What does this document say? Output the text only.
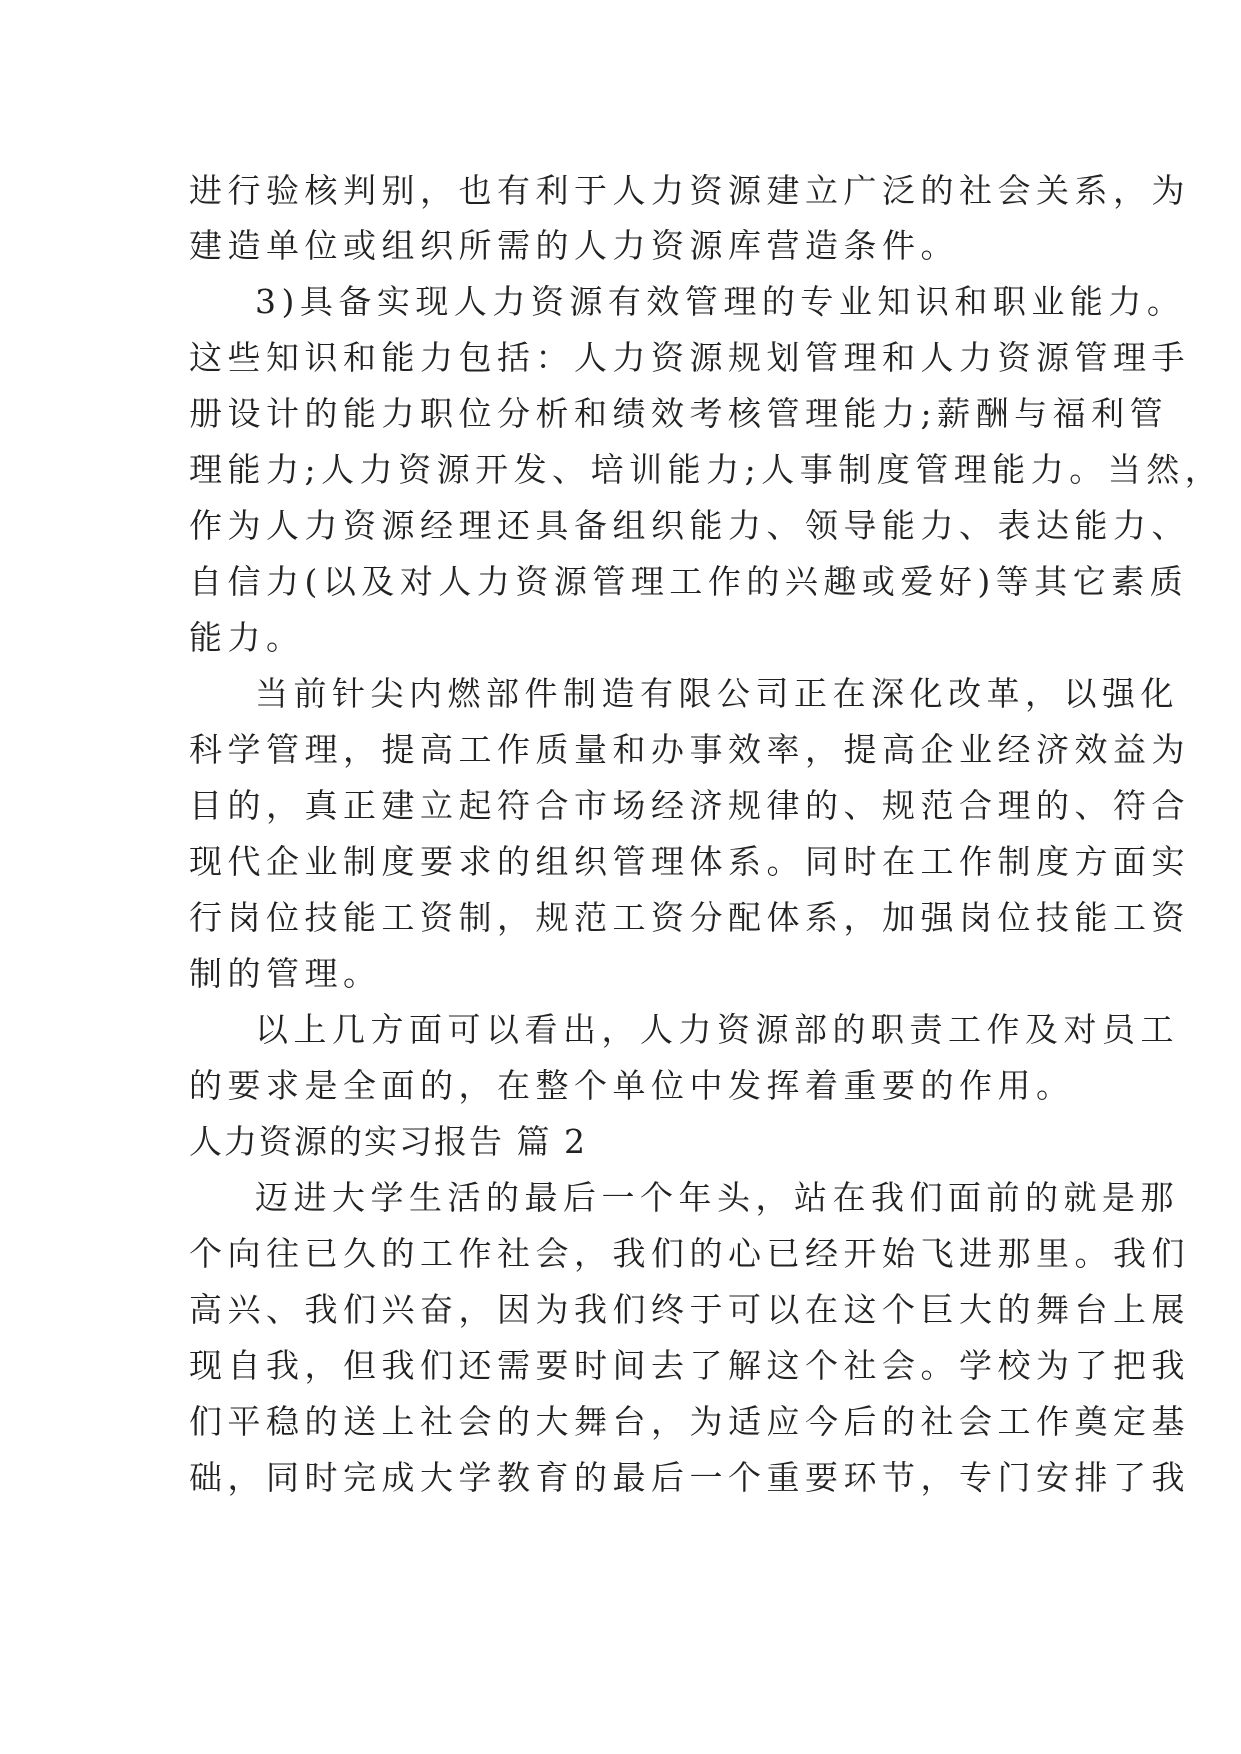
进行验核判别，也有利于人力资源建立广泛的社会关系，为
建造单位或组织所需的人力资源库营造条件。
3)具备实现人力资源有效管理的专业知识和职业能力。
这些知识和能力包括：人力资源规划管理和人力资源管理手
册设计的能力职位分析和绩效考核管理能力;薪酬与福利管
理能力;人力资源开发、培训能力;人事制度管理能力。当然，
作为人力资源经理还具备组织能力、领导能力、表达能力、
自信力(以及对人力资源管理工作的兴趣或爱好)等其它素质
能力。
当前针尖内燃部件制造有限公司正在深化改革，以强化
科学管理，提高工作质量和办事效率，提高企业经济效益为
目的，真正建立起符合市场经济规律的、规范合理的、符合
现代企业制度要求的组织管理体系。同时在工作制度方面实
行岗位技能工资制，规范工资分配体系，加强岗位技能工资
制的管理。
以上几方面可以看出，人力资源部的职责工作及对员工
的要求是全面的，在整个单位中发挥着重要的作用。
人力资源的实习报告 篇 2
迈进大学生活的最后一个年头，站在我们面前的就是那
个向往已久的工作社会，我们的心已经开始飞进那里。我们
高兴、我们兴奋，因为我们终于可以在这个巨大的舞台上展
现自我，但我们还需要时间去了解这个社会。学校为了把我
们平稳的送上社会的大舞台，为适应今后的社会工作奠定基
础，同时完成大学教育的最后一个重要环节，专门安排了我
